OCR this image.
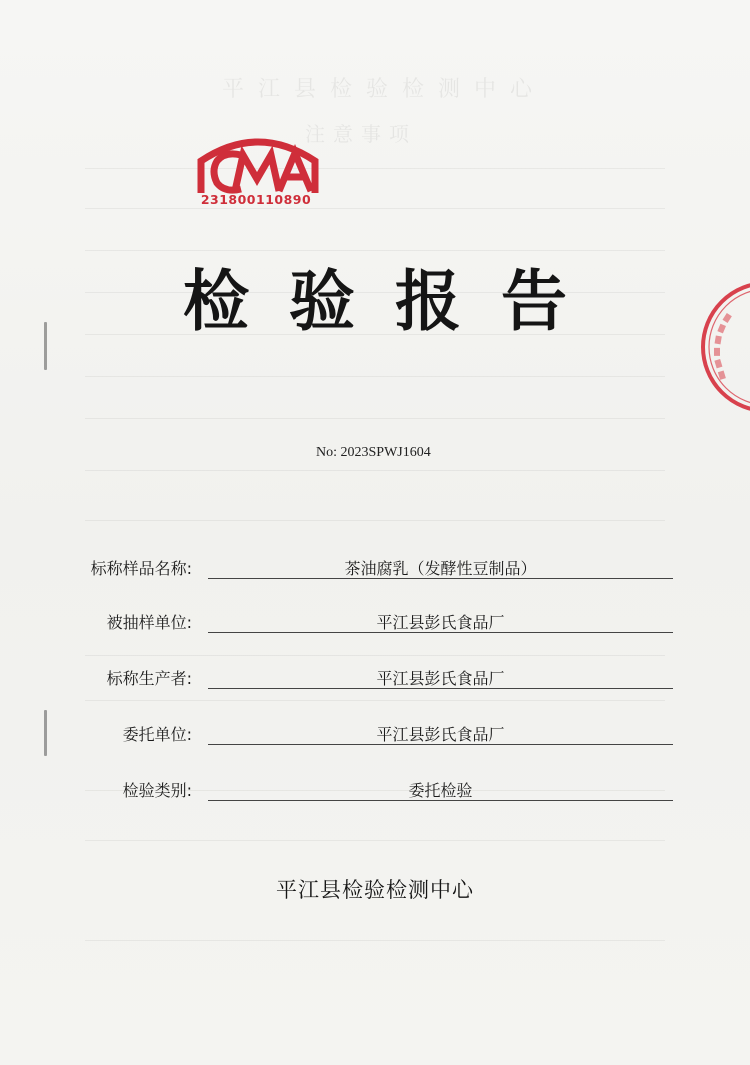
平江县检验检测中心
注意事项
231800110890
检验报告
No: 2023SPWJ1604
标称样品名称:	茶油腐乳（发酵性豆制品）
被抽样单位:	平江县彭氏食品厂
标称生产者:	平江县彭氏食品厂
委托单位:	平江县彭氏食品厂
检验类别:	委托检验
平江县检验检测中心
